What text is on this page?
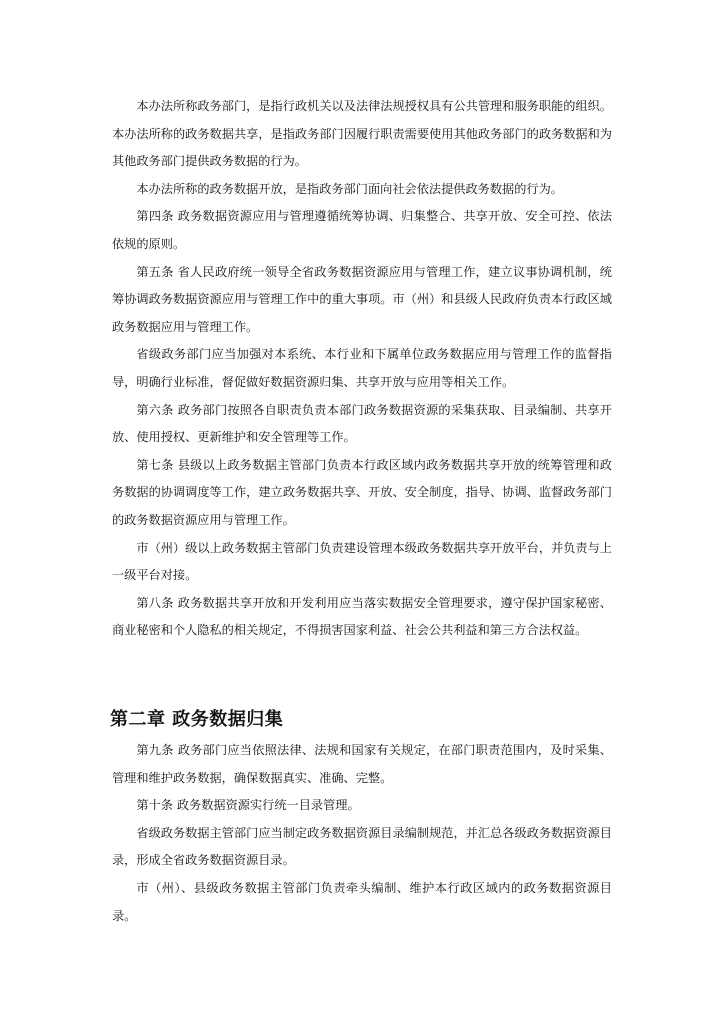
本办法所称政务部门，是指行政机关以及法律法规授权具有公共管理和服务职能的组织。本办法所称的政务数据共享，是指政务部门因履行职责需要使用其他政务部门的政务数据和为其他政务部门提供政务数据的行为。

本办法所称的政务数据开放，是指政务部门面向社会依法提供政务数据的行为。

第四条 政务数据资源应用与管理遵循统筹协调、归集整合、共享开放、安全可控、依法依规的原则。

第五条 省人民政府统一领导全省政务数据资源应用与管理工作，建立议事协调机制，统筹协调政务数据资源应用与管理工作中的重大事项。市（州）和县级人民政府负责本行政区域政务数据应用与管理工作。

省级政务部门应当加强对本系统、本行业和下属单位政务数据应用与管理工作的监督指导，明确行业标准，督促做好数据资源归集、共享开放与应用等相关工作。

第六条 政务部门按照各自职责负责本部门政务数据资源的采集获取、目录编制、共享开放、使用授权、更新维护和安全管理等工作。

第七条 县级以上政务数据主管部门负责本行政区域内政务数据共享开放的统筹管理和政务数据的协调调度等工作，建立政务数据共享、开放、安全制度，指导、协调、监督政务部门的政务数据资源应用与管理工作。

市（州）级以上政务数据主管部门负责建设管理本级政务数据共享开放平台，并负责与上一级平台对接。

第八条 政务数据共享开放和开发利用应当落实数据安全管理要求，遵守保护国家秘密、商业秘密和个人隐私的相关规定，不得损害国家利益、社会公共利益和第三方合法权益。

第二章 政务数据归集

第九条 政务部门应当依照法律、法规和国家有关规定，在部门职责范围内，及时采集、管理和维护政务数据，确保数据真实、准确、完整。

第十条 政务数据资源实行统一目录管理。

省级政务数据主管部门应当制定政务数据资源目录编制规范，并汇总各级政务数据资源目录，形成全省政务数据资源目录。

市（州）、县级政务数据主管部门负责牵头编制、维护本行政区域内的政务数据资源目录。
